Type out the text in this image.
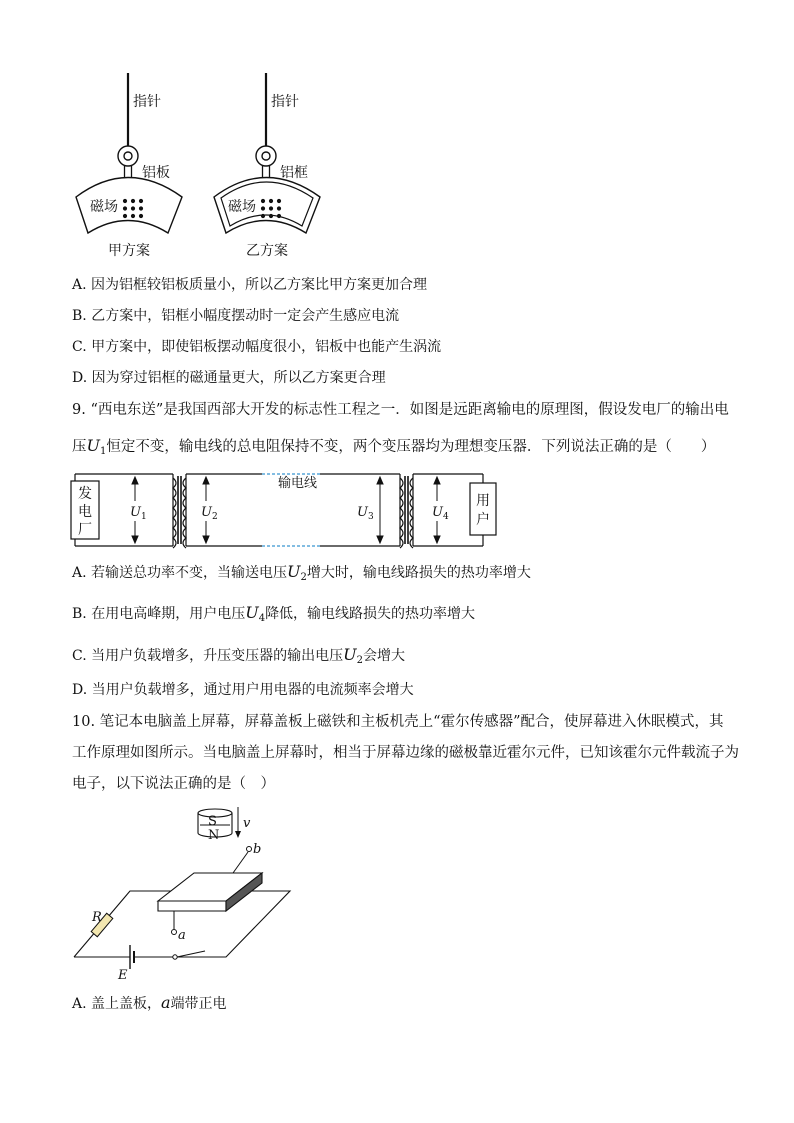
指针
铝板
磁场
甲方案
指针
铝框
磁场
乙方案
A. 因为铝框较铝板质量小，所以乙方案比甲方案更加合理
B. 乙方案中，铝框小幅度摆动时一定会产生感应电流
C. 甲方案中，即使铝板摆动幅度很小，铝板中也能产生涡流
D. 因为穿过铝框的磁通量更大，所以乙方案更合理
9. “西电东送”是我国西部大开发的标志性工程之一．如图是远距离输电的原理图，假设发电厂的输出电
压$U_1$恒定不变，输电线的总电阻保持不变，两个变压器均为理想变压器．下列说法正确的是（　　）
$U_1$	$U_2$	$U_3$	$U_4$
发
电
厂
用
户
输电线
A. 若输送总功率不变，当输送电压$U_2$增大时，输电线路损失的热功率增大
B. 在用电高峰期，用户电压$U_4$降低，输电线路损失的热功率增大
C. 当用户负载增多，升压变压器的输出电压$U_2$会增大
D. 当用户负载增多，通过用户用电器的电流频率会增大
10. 笔记本电脑盖上屏幕，屏幕盖板上磁铁和主板机壳上“霍尔传感器”配合，使屏幕进入休眠模式，其
工作原理如图所示。当电脑盖上屏幕时，相当于屏幕边缘的磁极靠近霍尔元件，已知该霍尔元件载流子为
电子，以下说法正确的是（　）
S
N
v
R
E
a
b
A. 盖上盖板，a端带正电
